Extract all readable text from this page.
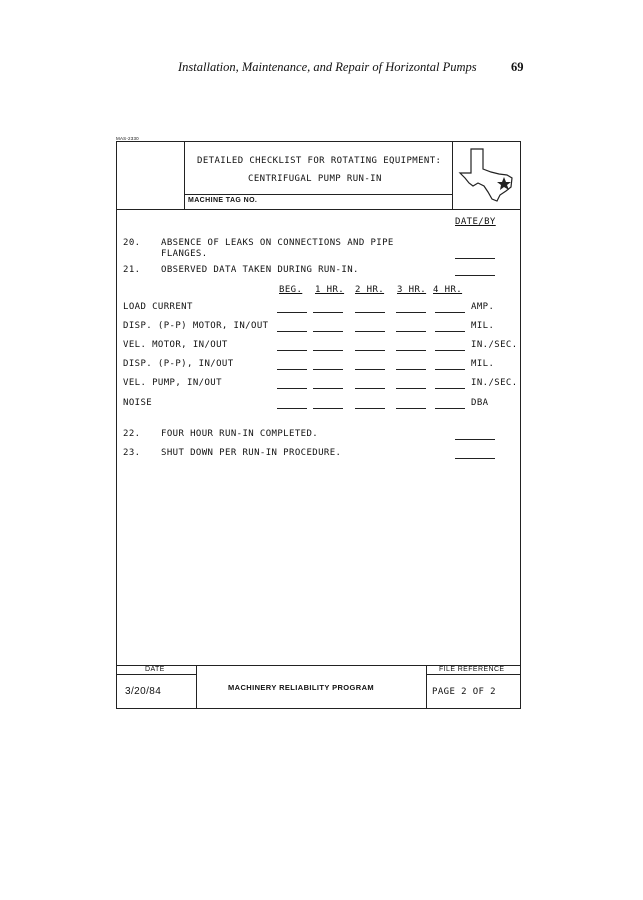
Installation, Maintenance, and Repair of Horizontal Pumps	69
MAS-2330
DETAILED CHECKLIST FOR ROTATING EQUIPMENT:
CENTRIFUGAL PUMP RUN-IN
MACHINE TAG NO.
DATE/BY
20. ABSENCE OF LEAKS ON CONNECTIONS AND PIPE
FLANGES.
21. OBSERVED DATA TAKEN DURING RUN-IN.
BEG. 1 HR. 2 HR. 3 HR. 4 HR.
LOAD CURRENT	AMP.
DISP. (P-P) MOTOR, IN/OUT	MIL.
VEL. MOTOR, IN/OUT	IN./SEC.
DISP. (P-P), IN/OUT	MIL.
VEL. PUMP, IN/OUT	IN./SEC.
NOISE	DBA
22. FOUR HOUR RUN-IN COMPLETED.
23. SHUT DOWN PER RUN-IN PROCEDURE.
DATE
3/20/84	MACHINERY RELIABILITY PROGRAM
FILE REFERENCE
PAGE 2 OF 2
